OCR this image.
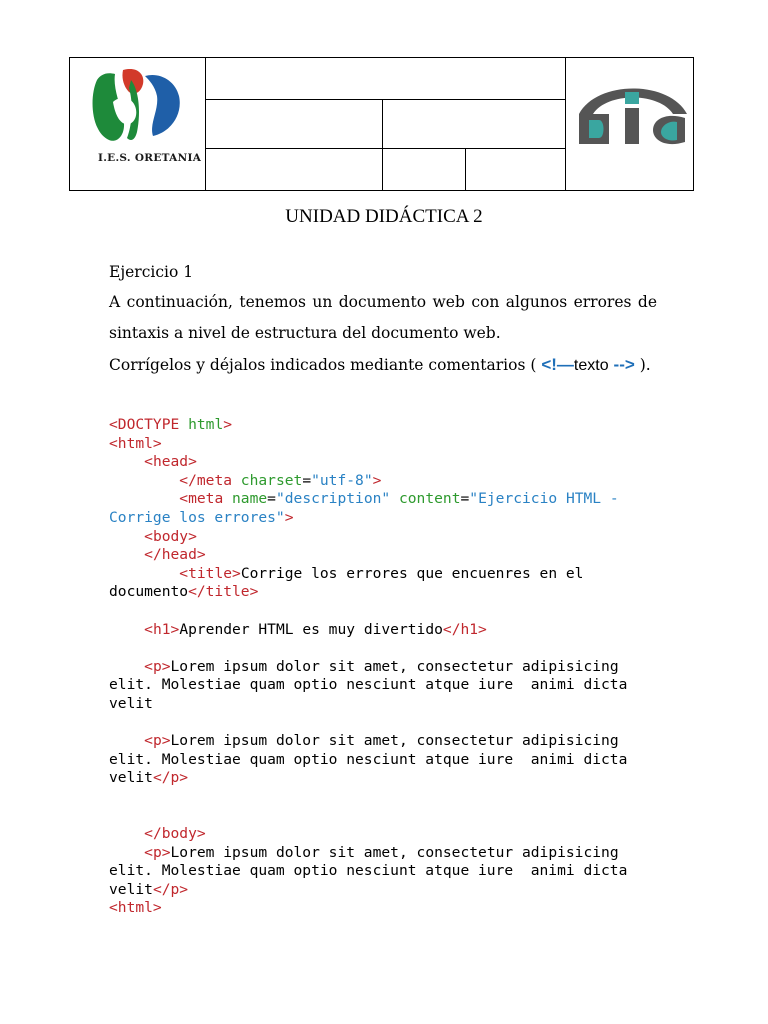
I.E.S. ORETANIA
UNIDAD DIDÁCTICA 2
Ejercicio 1
A continuación, tenemos un documento web con algunos errores de
sintaxis a nivel de estructura del documento web.
Corrígelos y déjalos indicados mediante comentarios ( <!—texto --> ).
<DOCTYPE html>
<html>
<head>
</meta charset="utf-8">
<meta name="description" content="Ejercicio HTML -
Corrige los errores">
<body>
</head>
<title>Corrige los errores que encuenres en el
documento</title>
<h1>Aprender HTML es muy divertido</h1>
<p>Lorem ipsum dolor sit amet, consectetur adipisicing
elit. Molestiae quam optio nesciunt atque iure  animi dicta
velit
<p>Lorem ipsum dolor sit amet, consectetur adipisicing
elit. Molestiae quam optio nesciunt atque iure  animi dicta
velit</p>
</body>
<p>Lorem ipsum dolor sit amet, consectetur adipisicing
elit. Molestiae quam optio nesciunt atque iure  animi dicta
velit</p>
<html>
